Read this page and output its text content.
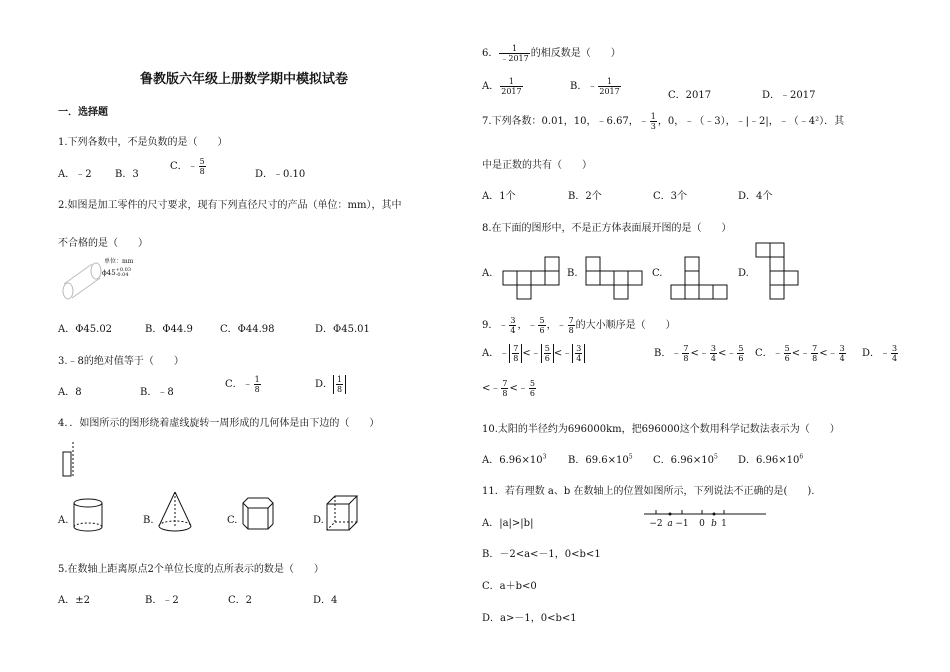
鲁教版六年级上册数学期中模拟试卷
一．选择题
1.下列各数中，不是负数的是（　　）
A．﹣2 B．3
C．﹣ $\frac{5}{8}$	D．﹣0.10
2.如图是加工零件的尺寸要求，现有下列直径尺寸的产品（单位：mm），其中
不合格的是（　　）
单位：mm
ϕ45 +0.03
-0.04
A．Φ45.02	B．Φ44.9	C．Φ44.98	D．Φ45.01
3.﹣8的绝对值等于（　　）
A．8	B．﹣8
C．﹣ $\frac{1}{8}$	D． $\frac{1}{8}$
4．．如图所示的图形绕着虚线旋转一周形成的几何体是由下边的（　　）
A.	B.	C.	D.
5.在数轴上距离原点2个单位长度的点所表示的数是（　　）
A．±2	B．﹣2	C．2	D．4
6． $\frac{1}{﹣2017}$ 的相反数是（　　）
A． $\frac{1}{2017}$	B．﹣ $\frac{1}{2017}$	C．2017	D．﹣2017
7.下列各数：0.01，10，﹣6.67，﹣ $\frac{1}{3}$ ，0，﹣（﹣3），﹣|﹣2|，﹣（﹣4²）．其
中是正数的共有（　　）
A．1个	B．2个	C．3个	D．4个
8.在下面的图形中，不是正方体表面展开图的是（　　）
A.	B.	C.	D.
9．﹣ $\frac{3}{4}$ ，﹣ $\frac{5}{6}$ ，﹣ $\frac{7}{8}$ 的大小顺序是（　　）
A．﹣ $\frac{7}{8}$ <﹣ $\frac{5}{6}$ <﹣ $\frac{3}{4}$	B．﹣ $\frac{7}{8}$ <﹣ $\frac{3}{4}$ <﹣ $\frac{5}{6}$ C．﹣ $\frac{5}{6}$ <﹣ $\frac{7}{8}$ <﹣ $\frac{3}{4}$ D．﹣ $\frac{3}{4}$
<﹣ $\frac{7}{8}$ <﹣ $\frac{5}{6}$
10.太阳的半径约为696000km，把696000这个数用科学记数法表示为（　　）
A．$6.96\times 10^3$ B．$69.6\times 10^5$ C．$6.96\times 10^5$ D．$6.96\times 10^6$
11．若有理数 a、b 在数轴上的位置如图所示，下列说法不正确的是(　　).
A．|a|>|b|	−2 a −1 0 b 1
B．－2<a<－1，0<b<1
C．a＋b<0
D．a>－1，0<b<1
